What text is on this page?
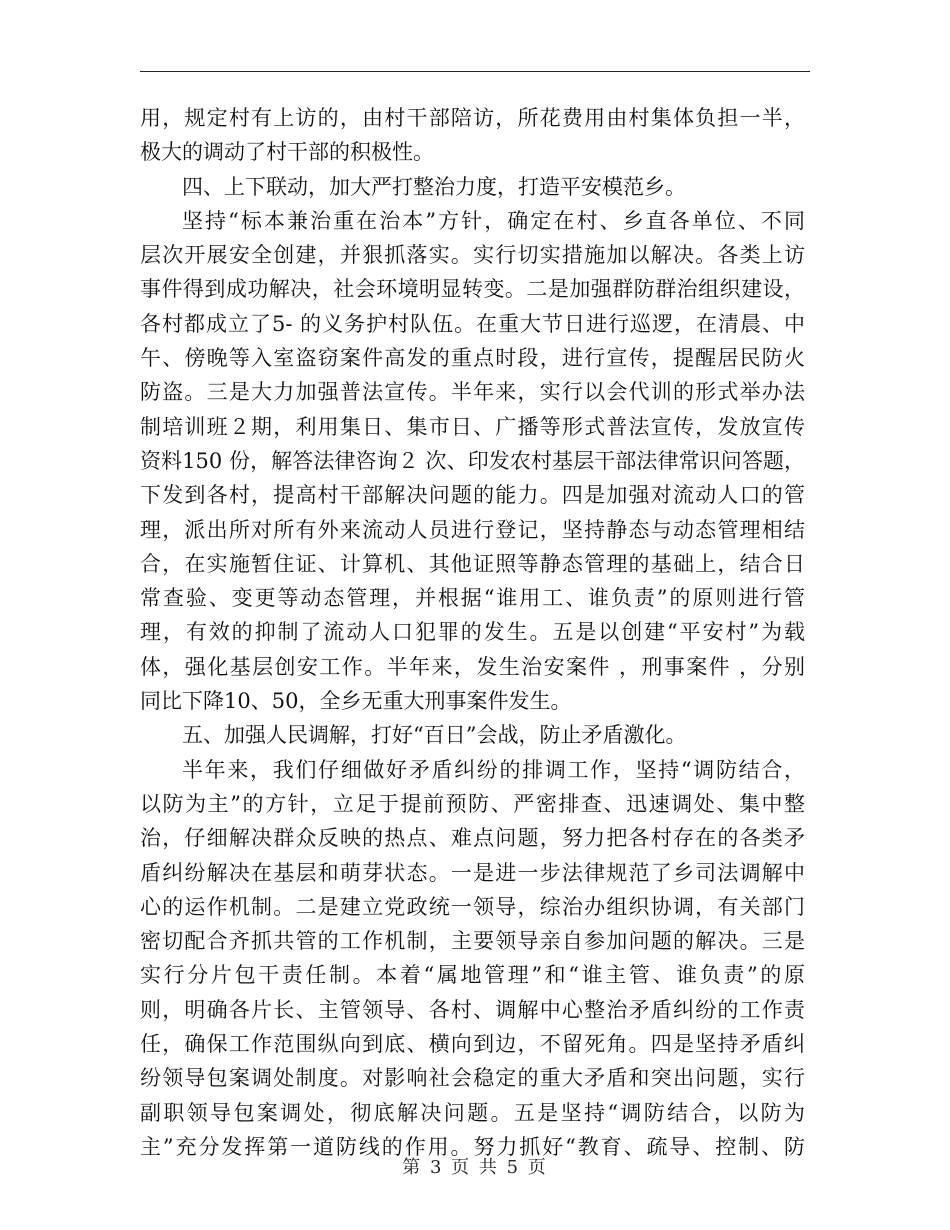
用，规定村有上访的，由村干部陪访，所花费用由村集体负担一半，
极大的调动了村干部的积极性。
四、上下联动，加大严打整治力度，打造平安模范乡。
坚持“标本兼治重在治本”方针，确定在村、乡直各单位、不同
层次开展安全创建，并狠抓落实。实行切实措施加以解决。各类上访
事件得到成功解决，社会环境明显转变。二是加强群防群治组织建设，
各村都成立了5- 的义务护村队伍。在重大节日进行巡逻，在清晨、中
午、傍晚等入室盗窃案件高发的重点时段，进行宣传，提醒居民防火
防盗。三是大力加强普法宣传。半年来，实行以会代训的形式举办法
制培训班２期，利用集日、集市日、广播等形式普法宣传，发放宣传
资料150 份，解答法律咨询２ 次、印发农村基层干部法律常识问答题，
下发到各村，提高村干部解决问题的能力。四是加强对流动人口的管
理，派出所对所有外来流动人员进行登记，坚持静态与动态管理相结
合，在实施暂住证、计算机、其他证照等静态管理的基础上，结合日
常查验、变更等动态管理，并根据“谁用工、谁负责”的原则进行管
理，有效的抑制了流动人口犯罪的发生。五是以创建“平安村”为载
体，强化基层创安工作。半年来，发生治安案件 ，刑事案件 ，分别
同比下降10、50，全乡无重大刑事案件发生。
五、加强人民调解，打好“百日”会战，防止矛盾激化。
半年来，我们仔细做好矛盾纠纷的排调工作，坚持“调防结合，
以防为主”的方针，立足于提前预防、严密排查、迅速调处、集中整
治，仔细解决群众反映的热点、难点问题，努力把各村存在的各类矛
盾纠纷解决在基层和萌芽状态。一是进一步法律规范了乡司法调解中
心的运作机制。二是建立党政统一领导，综治办组织协调，有关部门
密切配合齐抓共管的工作机制，主要领导亲自参加问题的解决。三是
实行分片包干责任制。本着“属地管理”和“谁主管、谁负责”的原
则，明确各片长、主管领导、各村、调解中心整治矛盾纠纷的工作责
任，确保工作范围纵向到底、横向到边，不留死角。四是坚持矛盾纠
纷领导包案调处制度。对影响社会稳定的重大矛盾和突出问题，实行
副职领导包案调处，彻底解决问题。五是坚持“调防结合，以防为
主”充分发挥第一道防线的作用。努力抓好“教育、疏导、控制、防
第 3 页 共 5 页
